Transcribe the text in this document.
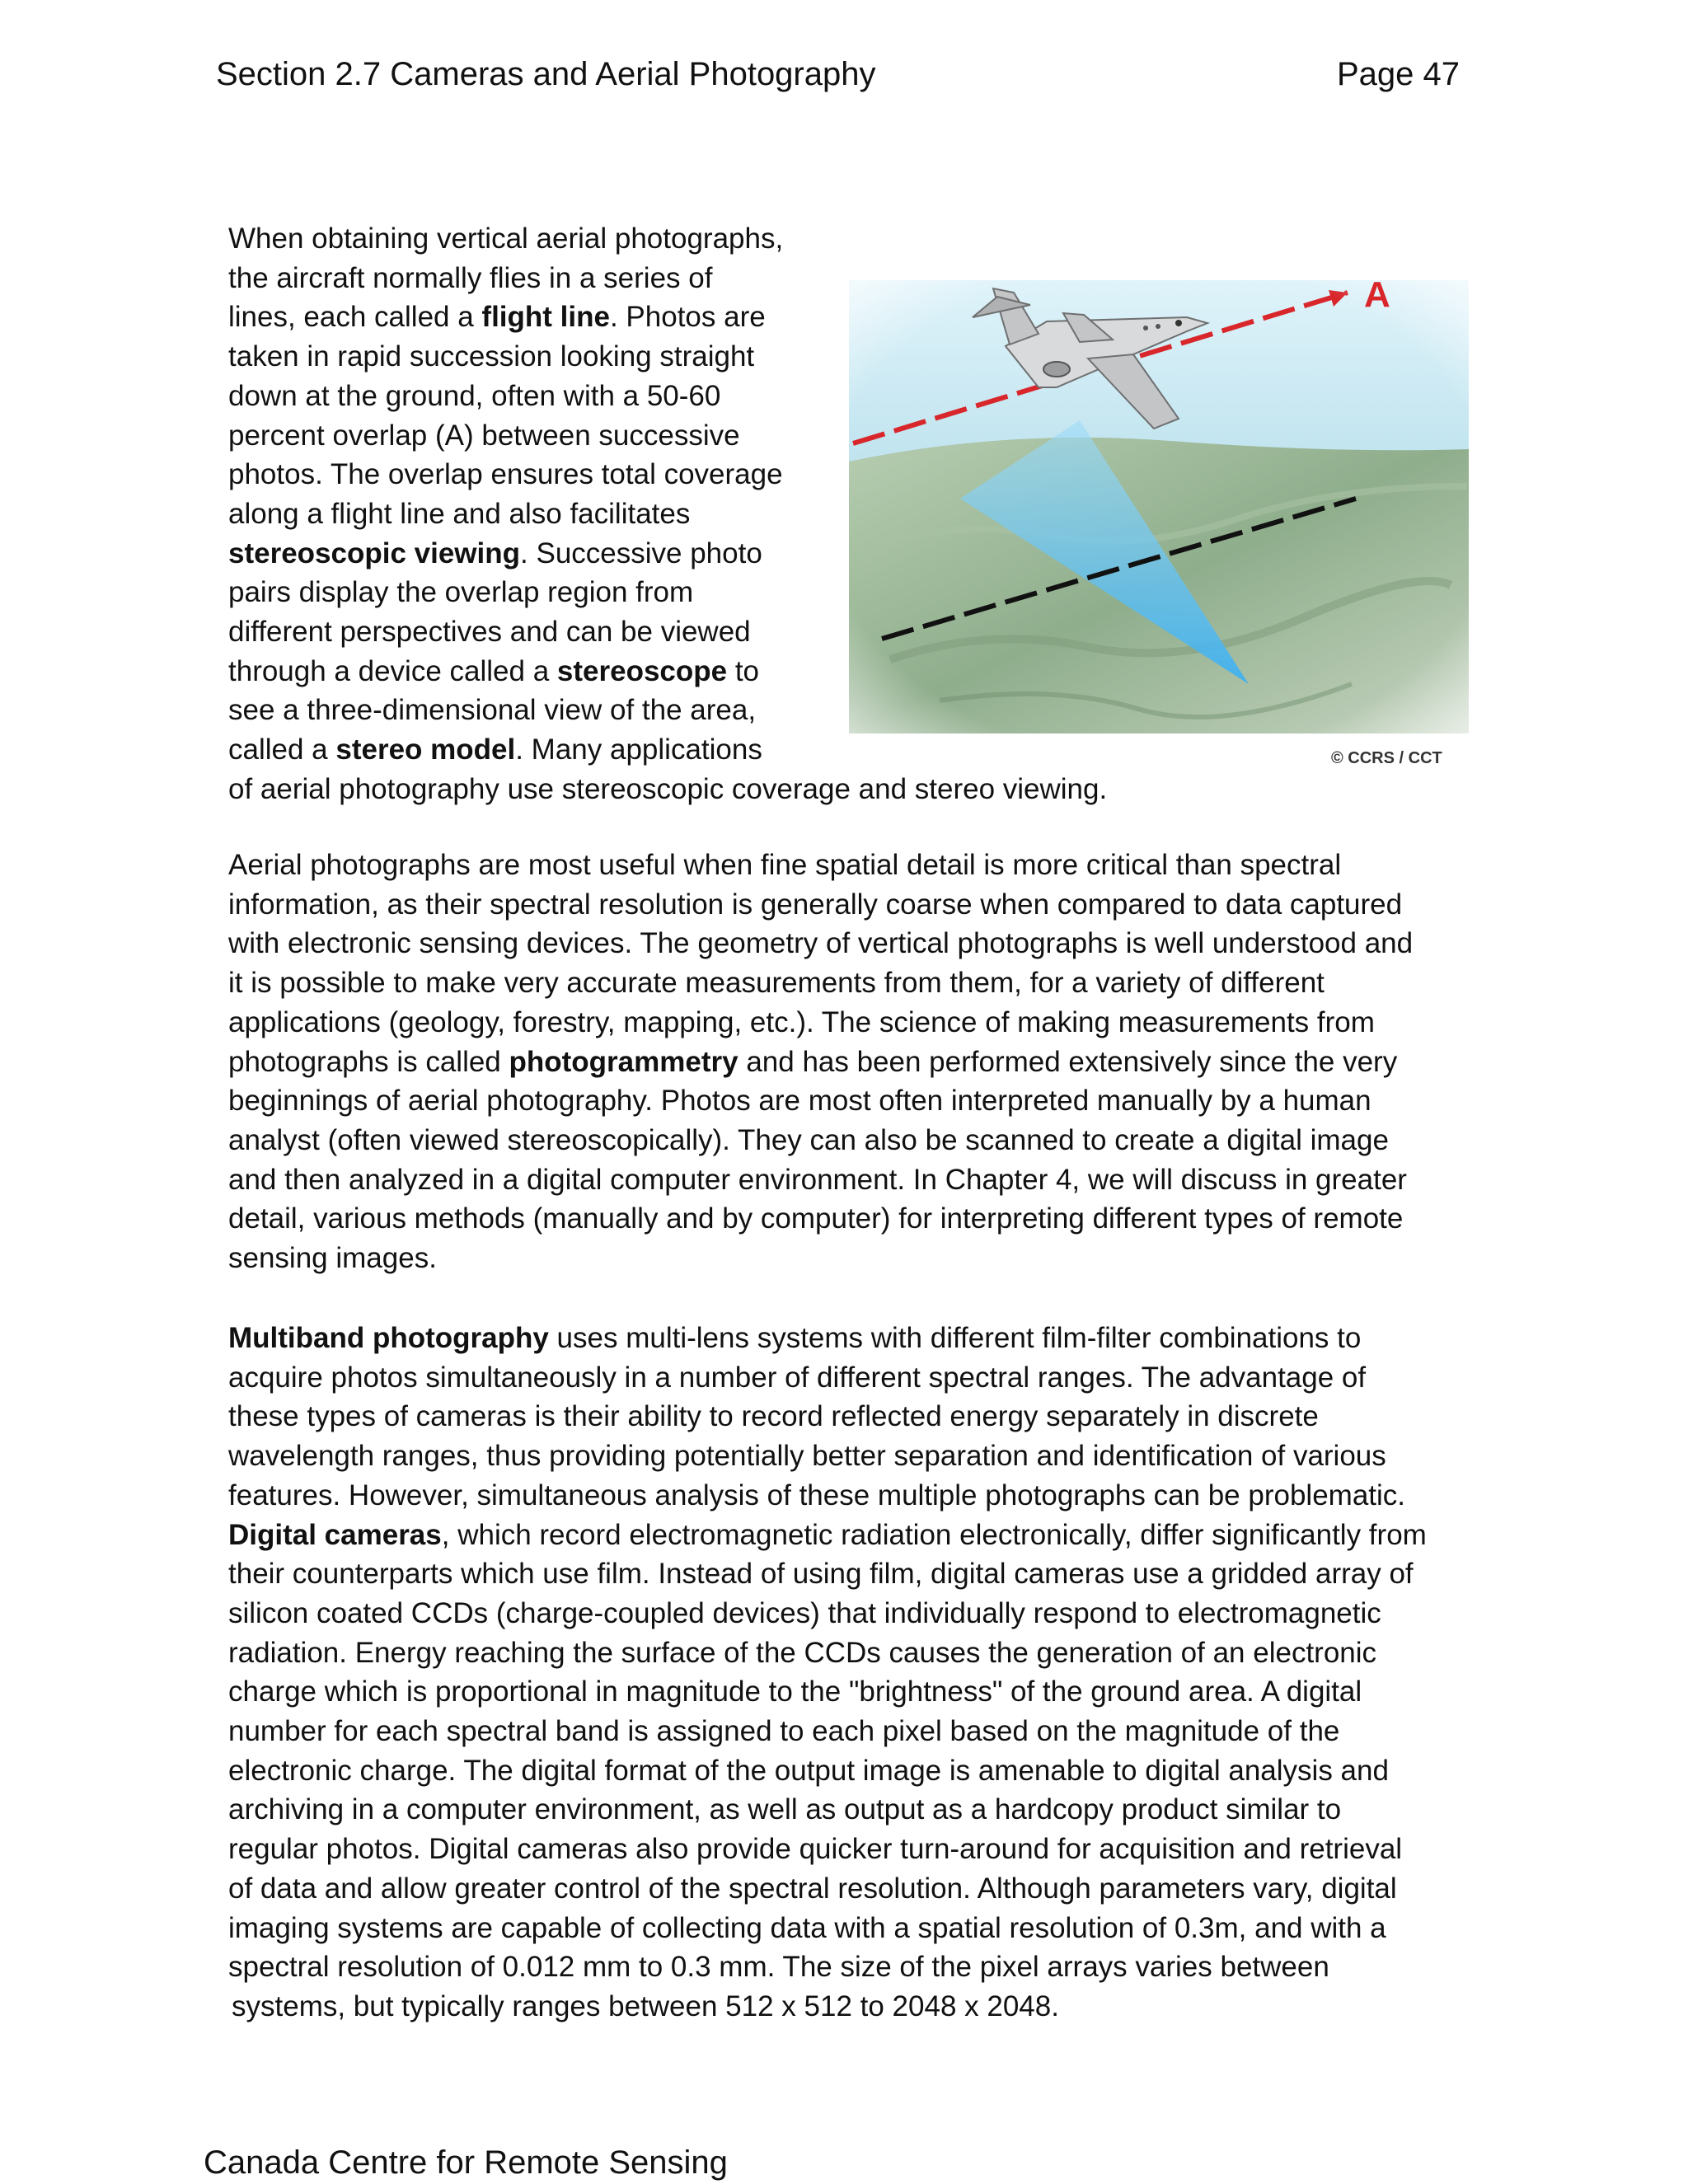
Section 2.7 Cameras and Aerial Photography	Page 47
When obtaining vertical aerial photographs,
the aircraft normally flies in a series of
lines, each called a flight line. Photos are
taken in rapid succession looking straight
down at the ground, often with a 50-60
percent overlap (A) between successive
photos. The overlap ensures total coverage
along a flight line and also facilitates
stereoscopic viewing. Successive photo
pairs display the overlap region from
different perspectives and can be viewed
through a device called a stereoscope to
see a three-dimensional view of the area,
called a stereo model. Many applications
of aerial photography use stereoscopic coverage and stereo viewing.
A
© CCRS / CCT
Aerial photographs are most useful when fine spatial detail is more critical than spectral
information, as their spectral resolution is generally coarse when compared to data captured
with electronic sensing devices. The geometry of vertical photographs is well understood and
it is possible to make very accurate measurements from them, for a variety of different
applications (geology, forestry, mapping, etc.). The science of making measurements from
photographs is called photogrammetry and has been performed extensively since the very
beginnings of aerial photography. Photos are most often interpreted manually by a human
analyst (often viewed stereoscopically). They can also be scanned to create a digital image
and then analyzed in a digital computer environment. In Chapter 4, we will discuss in greater
detail, various methods (manually and by computer) for interpreting different types of remote
sensing images.
Multiband photography uses multi-lens systems with different film-filter combinations to
acquire photos simultaneously in a number of different spectral ranges. The advantage of
these types of cameras is their ability to record reflected energy separately in discrete
wavelength ranges, thus providing potentially better separation and identification of various
features. However, simultaneous analysis of these multiple photographs can be problematic.
Digital cameras, which record electromagnetic radiation electronically, differ significantly from
their counterparts which use film. Instead of using film, digital cameras use a gridded array of
silicon coated CCDs (charge-coupled devices) that individually respond to electromagnetic
radiation. Energy reaching the surface of the CCDs causes the generation of an electronic
charge which is proportional in magnitude to the "brightness" of the ground area. A digital
number for each spectral band is assigned to each pixel based on the magnitude of the
electronic charge. The digital format of the output image is amenable to digital analysis and
archiving in a computer environment, as well as output as a hardcopy product similar to
regular photos. Digital cameras also provide quicker turn-around for acquisition and retrieval
of data and allow greater control of the spectral resolution. Although parameters vary, digital
imaging systems are capable of collecting data with a spatial resolution of 0.3m, and with a
spectral resolution of 0.012 mm to 0.3 mm. The size of the pixel arrays varies between
systems, but typically ranges between 512 x 512 to 2048 x 2048.
Canada Centre for Remote Sensing
